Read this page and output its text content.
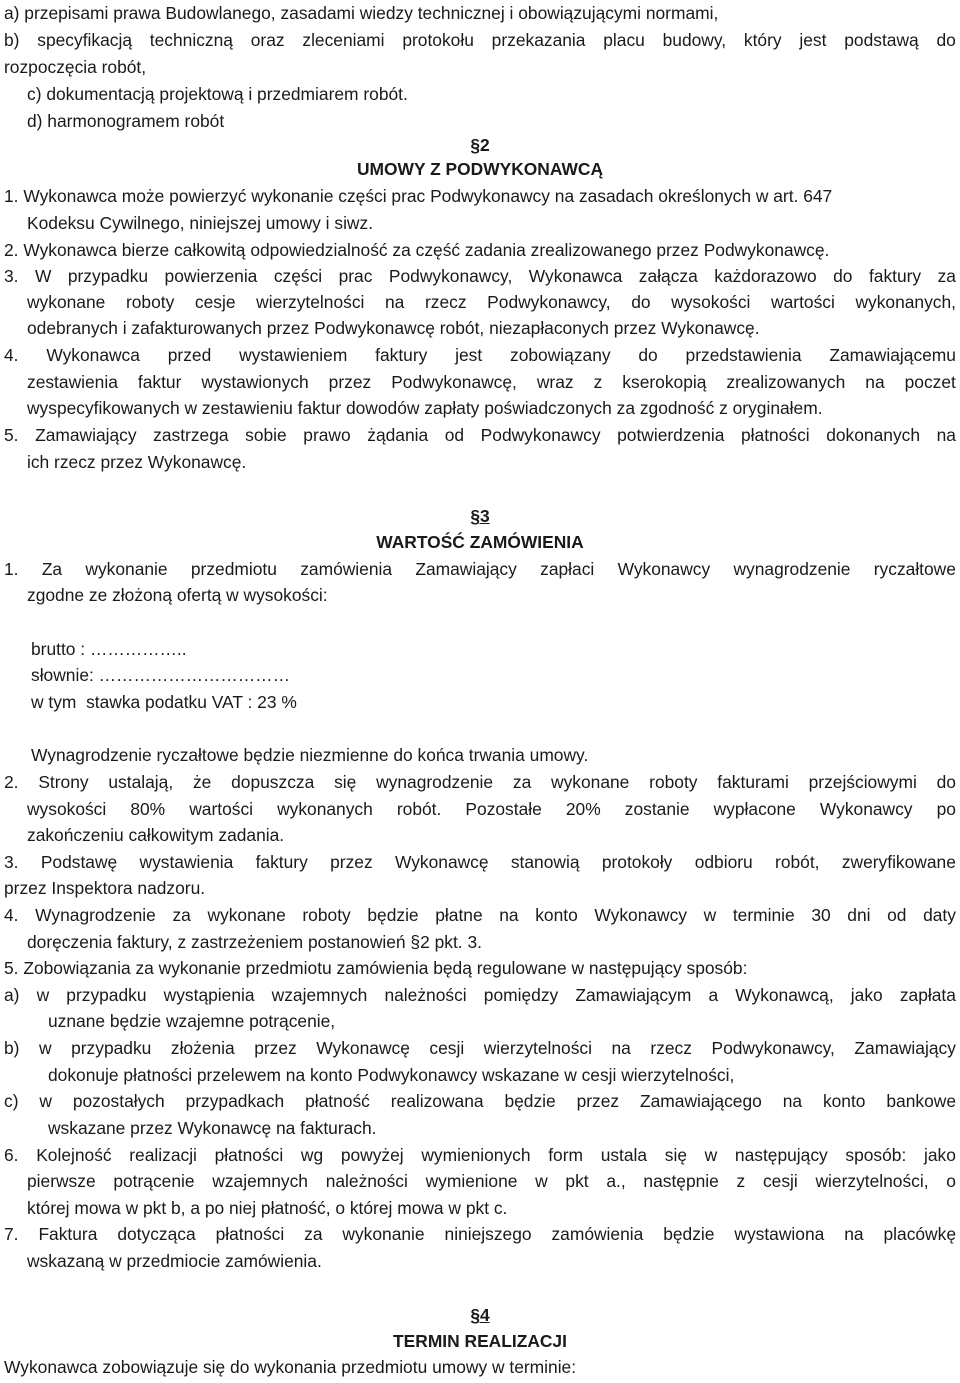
a) przepisami prawa Budowlanego, zasadami wiedzy technicznej i obowiązującymi normami,
b) specyfikacją techniczną oraz zleceniami protokołu przekazania placu budowy, który jest podstawą do
rozpoczęcia robót,
c) dokumentacją projektową i przedmiarem robót.
d) harmonogramem robót
§2
UMOWY Z PODWYKONAWCĄ
1. Wykonawca może powierzyć wykonanie części prac Podwykonawcy na zasadach określonych w art. 647
Kodeksu Cywilnego, niniejszej umowy i siwz.
2. Wykonawca bierze całkowitą odpowiedzialność za część zadania zrealizowanego przez Podwykonawcę.
3. W przypadku powierzenia części prac Podwykonawcy, Wykonawca załącza każdorazowo do faktury za
wykonane roboty cesje wierzytelności na rzecz Podwykonawcy, do wysokości wartości wykonanych,
odebranych i zafakturowanych przez Podwykonawcę robót, niezapłaconych przez Wykonawcę.
4. Wykonawca przed wystawieniem faktury jest zobowiązany do przedstawienia Zamawiającemu
zestawienia faktur wystawionych przez Podwykonawcę, wraz z kserokopią zrealizowanych na poczet
wyspecyfikowanych w zestawieniu faktur dowodów zapłaty poświadczonych za zgodność z oryginałem.
5. Zamawiający zastrzega sobie prawo żądania od Podwykonawcy potwierdzenia płatności dokonanych na
ich rzecz przez Wykonawcę.
§3
WARTOŚĆ ZAMÓWIENIA
1. Za wykonanie przedmiotu zamówienia Zamawiający zapłaci Wykonawcy wynagrodzenie ryczałtowe
zgodne ze złożoną ofertą w wysokości:
brutto : ……………..
słownie: ……………………………
w tym  stawka podatku VAT : 23 %
Wynagrodzenie ryczałtowe będzie niezmienne do końca trwania umowy.
2. Strony ustalają, że dopuszcza się wynagrodzenie za wykonane roboty fakturami przejściowymi do
wysokości 80% wartości wykonanych robót. Pozostałe 20% zostanie wypłacone Wykonawcy po
zakończeniu całkowitym zadania.
3. Podstawę wystawienia faktury przez Wykonawcę stanowią protokoły odbioru robót, zweryfikowane
przez Inspektora nadzoru.
4. Wynagrodzenie za wykonane roboty będzie płatne na konto Wykonawcy w terminie 30 dni od daty
doręczenia faktury, z zastrzeżeniem postanowień §2 pkt. 3.
5. Zobowiązania za wykonanie przedmiotu zamówienia będą regulowane w następujący sposób:
a) w przypadku wystąpienia wzajemnych należności pomiędzy Zamawiającym a Wykonawcą, jako zapłata
uznane będzie wzajemne potrącenie,
b) w przypadku złożenia przez Wykonawcę cesji wierzytelności na rzecz Podwykonawcy, Zamawiający
dokonuje płatności przelewem na konto Podwykonawcy wskazane w cesji wierzytelności,
c) w pozostałych przypadkach płatność realizowana będzie przez Zamawiającego na konto bankowe
wskazane przez Wykonawcę na fakturach.
6. Kolejność realizacji płatności wg powyżej wymienionych form ustala się w następujący sposób: jako
pierwsze potrącenie wzajemnych należności wymienione w pkt a., następnie z cesji wierzytelności, o
której mowa w pkt b, a po niej płatność, o której mowa w pkt c.
7. Faktura dotycząca płatności za wykonanie niniejszego zamówienia będzie wystawiona na placówkę
wskazaną w przedmiocie zamówienia.
§4
TERMIN REALIZACJI
Wykonawca zobowiązuje się do wykonania przedmiotu umowy w terminie:
